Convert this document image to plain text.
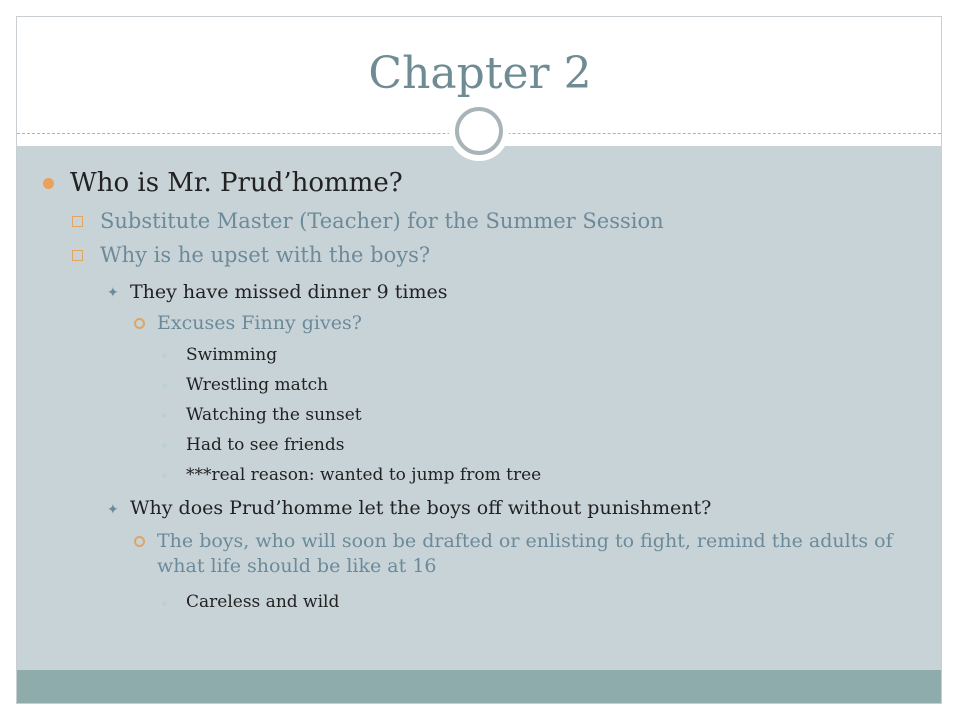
Chapter 2
Who is Mr. Prud’homme?
Substitute Master (Teacher) for the Summer Session
Why is he upset with the boys?
✦ They have missed dinner 9 times
Excuses Finny gives?
Swimming
Wrestling match
Watching the sunset
Had to see friends
***real reason: wanted to jump from tree
✦ Why does Prud’homme let the boys off without punishment?
The boys, who will soon be drafted or enlisting to fight, remind the adults of what life should be like at 16
Careless and wild
